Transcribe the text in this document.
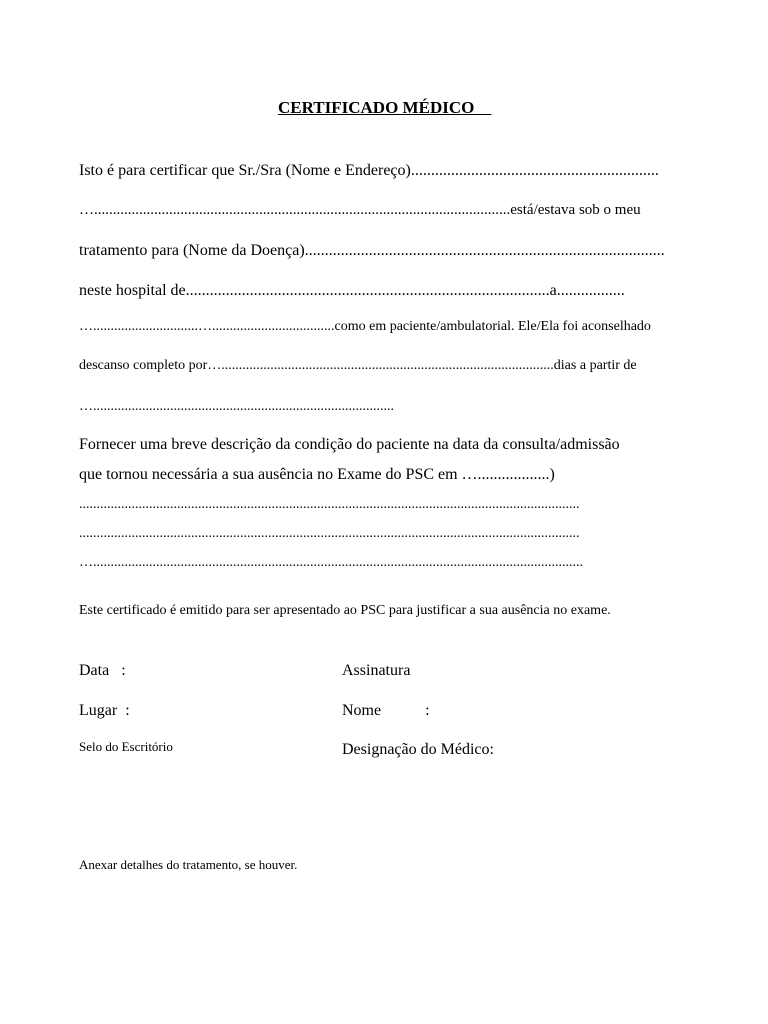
CERTIFICADO MÉDICO
Isto é para certificar que Sr./Sra (Nome e Endereço)..............................................................
…...............................................................................................................está/estava sob o meu
tratamento para (Nome da Doença)..........................................................................................
neste hospital de...........................................................................................a.................
…..............................…...................................como em paciente/ambulatorial. Ele/Ela foi aconselhado
descanso completo por…...............................................................................................dias a partir de
…......................................................................................
Fornecer uma breve descrição da condição do paciente na data da consulta/admissão
que tornou necessária a sua ausência no Exame do PSC em …..................)
...............................................................................................................................................
...............................................................................................................................................
…............................................................................................................................................
Este certificado é emitido para ser apresentado ao PSC para justificar a sua ausência no exame.
Data   :
Lugar  :
Selo do Escritório
Assinatura
Nome           :
Designação do Médico:
Anexar detalhes do tratamento, se houver.
